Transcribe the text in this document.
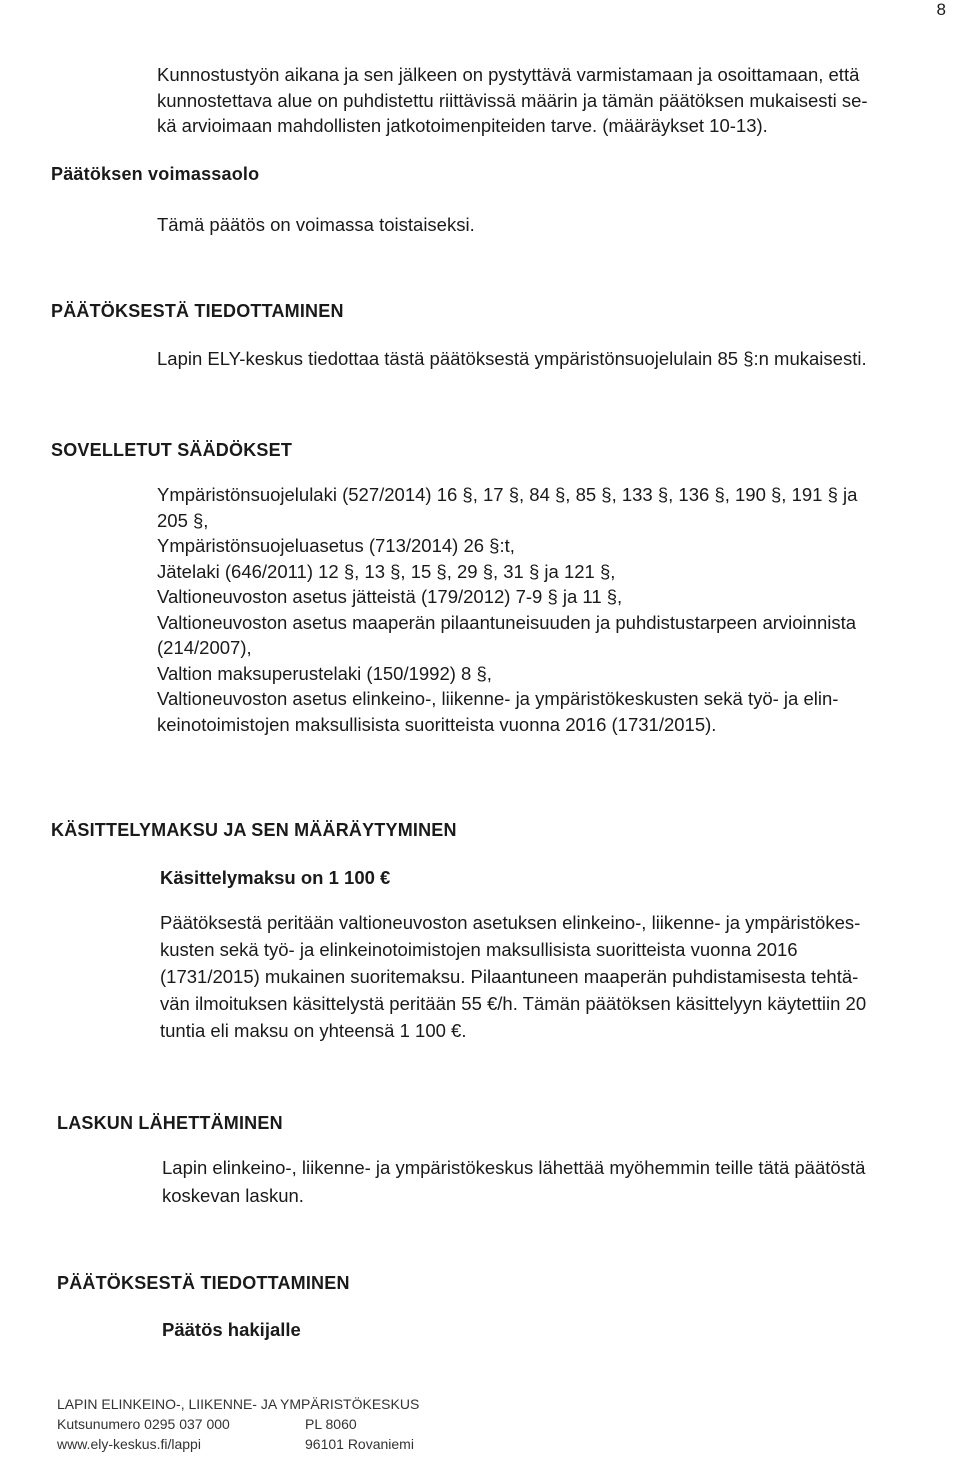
8
Kunnostustyön aikana ja sen jälkeen on pystyttävä varmistamaan ja osoittamaan, että
kunnostettava alue on puhdistettu riittävissä määrin ja tämän päätöksen mukaisesti se-
kä arvioimaan mahdollisten jatkotoimenpiteiden tarve. (määräykset 10-13).
Päätöksen voimassaolo
Tämä päätös on voimassa toistaiseksi.
PÄÄTÖKSESTÄ TIEDOTTAMINEN
Lapin ELY-keskus tiedottaa tästä päätöksestä ympäristönsuojelulain 85 §:n mukaisesti.
SOVELLETUT SÄÄDÖKSET
Ympäristönsuojelulaki (527/2014) 16 §, 17 §, 84 §, 85 §, 133 §, 136 §, 190 §, 191 § ja
205 §,
Ympäristönsuojeluasetus (713/2014) 26 §:t,
Jätelaki (646/2011) 12 §, 13 §, 15 §, 29 §, 31 § ja 121 §,
Valtioneuvoston asetus jätteistä (179/2012) 7-9 § ja 11 §,
Valtioneuvoston asetus maaperän pilaantuneisuuden ja puhdistustarpeen arvioinnista
(214/2007),
Valtion maksuperustelaki (150/1992) 8 §,
Valtioneuvoston asetus elinkeino-, liikenne- ja ympäristökeskusten sekä työ- ja elin-
keinotoimistojen maksullisista suoritteista vuonna 2016 (1731/2015).
KÄSITTELYMAKSU JA SEN MÄÄRÄYTYMINEN
Käsittelymaksu on 1 100 €
Päätöksestä peritään valtioneuvoston asetuksen elinkeino-, liikenne- ja ympäristökes-
kusten sekä työ- ja elinkeinotoimistojen maksullisista suoritteista vuonna 2016
(1731/2015) mukainen suoritemaksu. Pilaantuneen maaperän puhdistamisesta tehtä-
vän ilmoituksen käsittelystä peritään 55 €/h. Tämän päätöksen käsittelyyn käytettiin 20
tuntia eli maksu on yhteensä 1 100 €.
LASKUN LÄHETTÄMINEN
Lapin elinkeino-, liikenne- ja ympäristökeskus lähettää myöhemmin teille tätä päätöstä
koskevan laskun.
PÄÄTÖKSESTÄ TIEDOTTAMINEN
Päätös hakijalle
LAPIN ELINKEINO-, LIIKENNE- JA YMPÄRISTÖKESKUS
Kutsunumero 0295 037 000	PL 8060
www.ely-keskus.fi/lappi	96101 Rovaniemi
